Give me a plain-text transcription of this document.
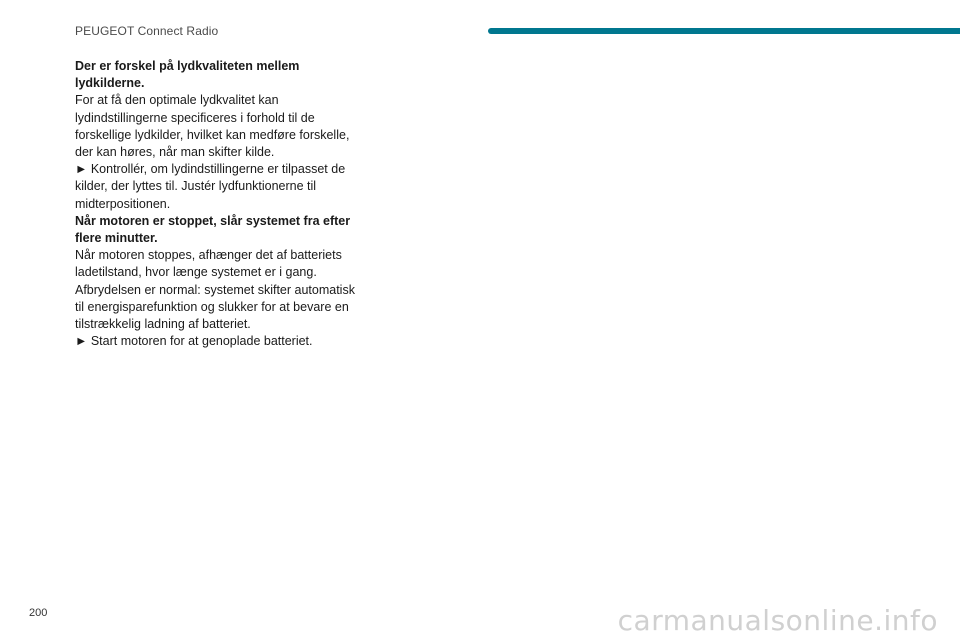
PEUGEOT Connect Radio

Der er forskel på lydkvaliteten mellem lydkilderne.

For at få den optimale lydkvalitet kan lydindstillingerne specificeres i forhold til de forskellige lydkilder, hvilket kan medføre forskelle, der kan høres, når man skifter kilde.

► Kontrollér, om lydindstillingerne er tilpasset de kilder, der lyttes til. Justér lydfunktionerne til midterpositionen.

Når motoren er stoppet, slår systemet fra efter flere minutter.

Når motoren stoppes, afhænger det af batteriets ladetilstand, hvor længe systemet er i gang.

Afbrydelsen er normal: systemet skifter automatisk til energisparefunktion og slukker for at bevare en tilstrækkelig ladning af batteriet.

► Start motoren for at genoplade batteriet.

200	carmanualsonline.info
